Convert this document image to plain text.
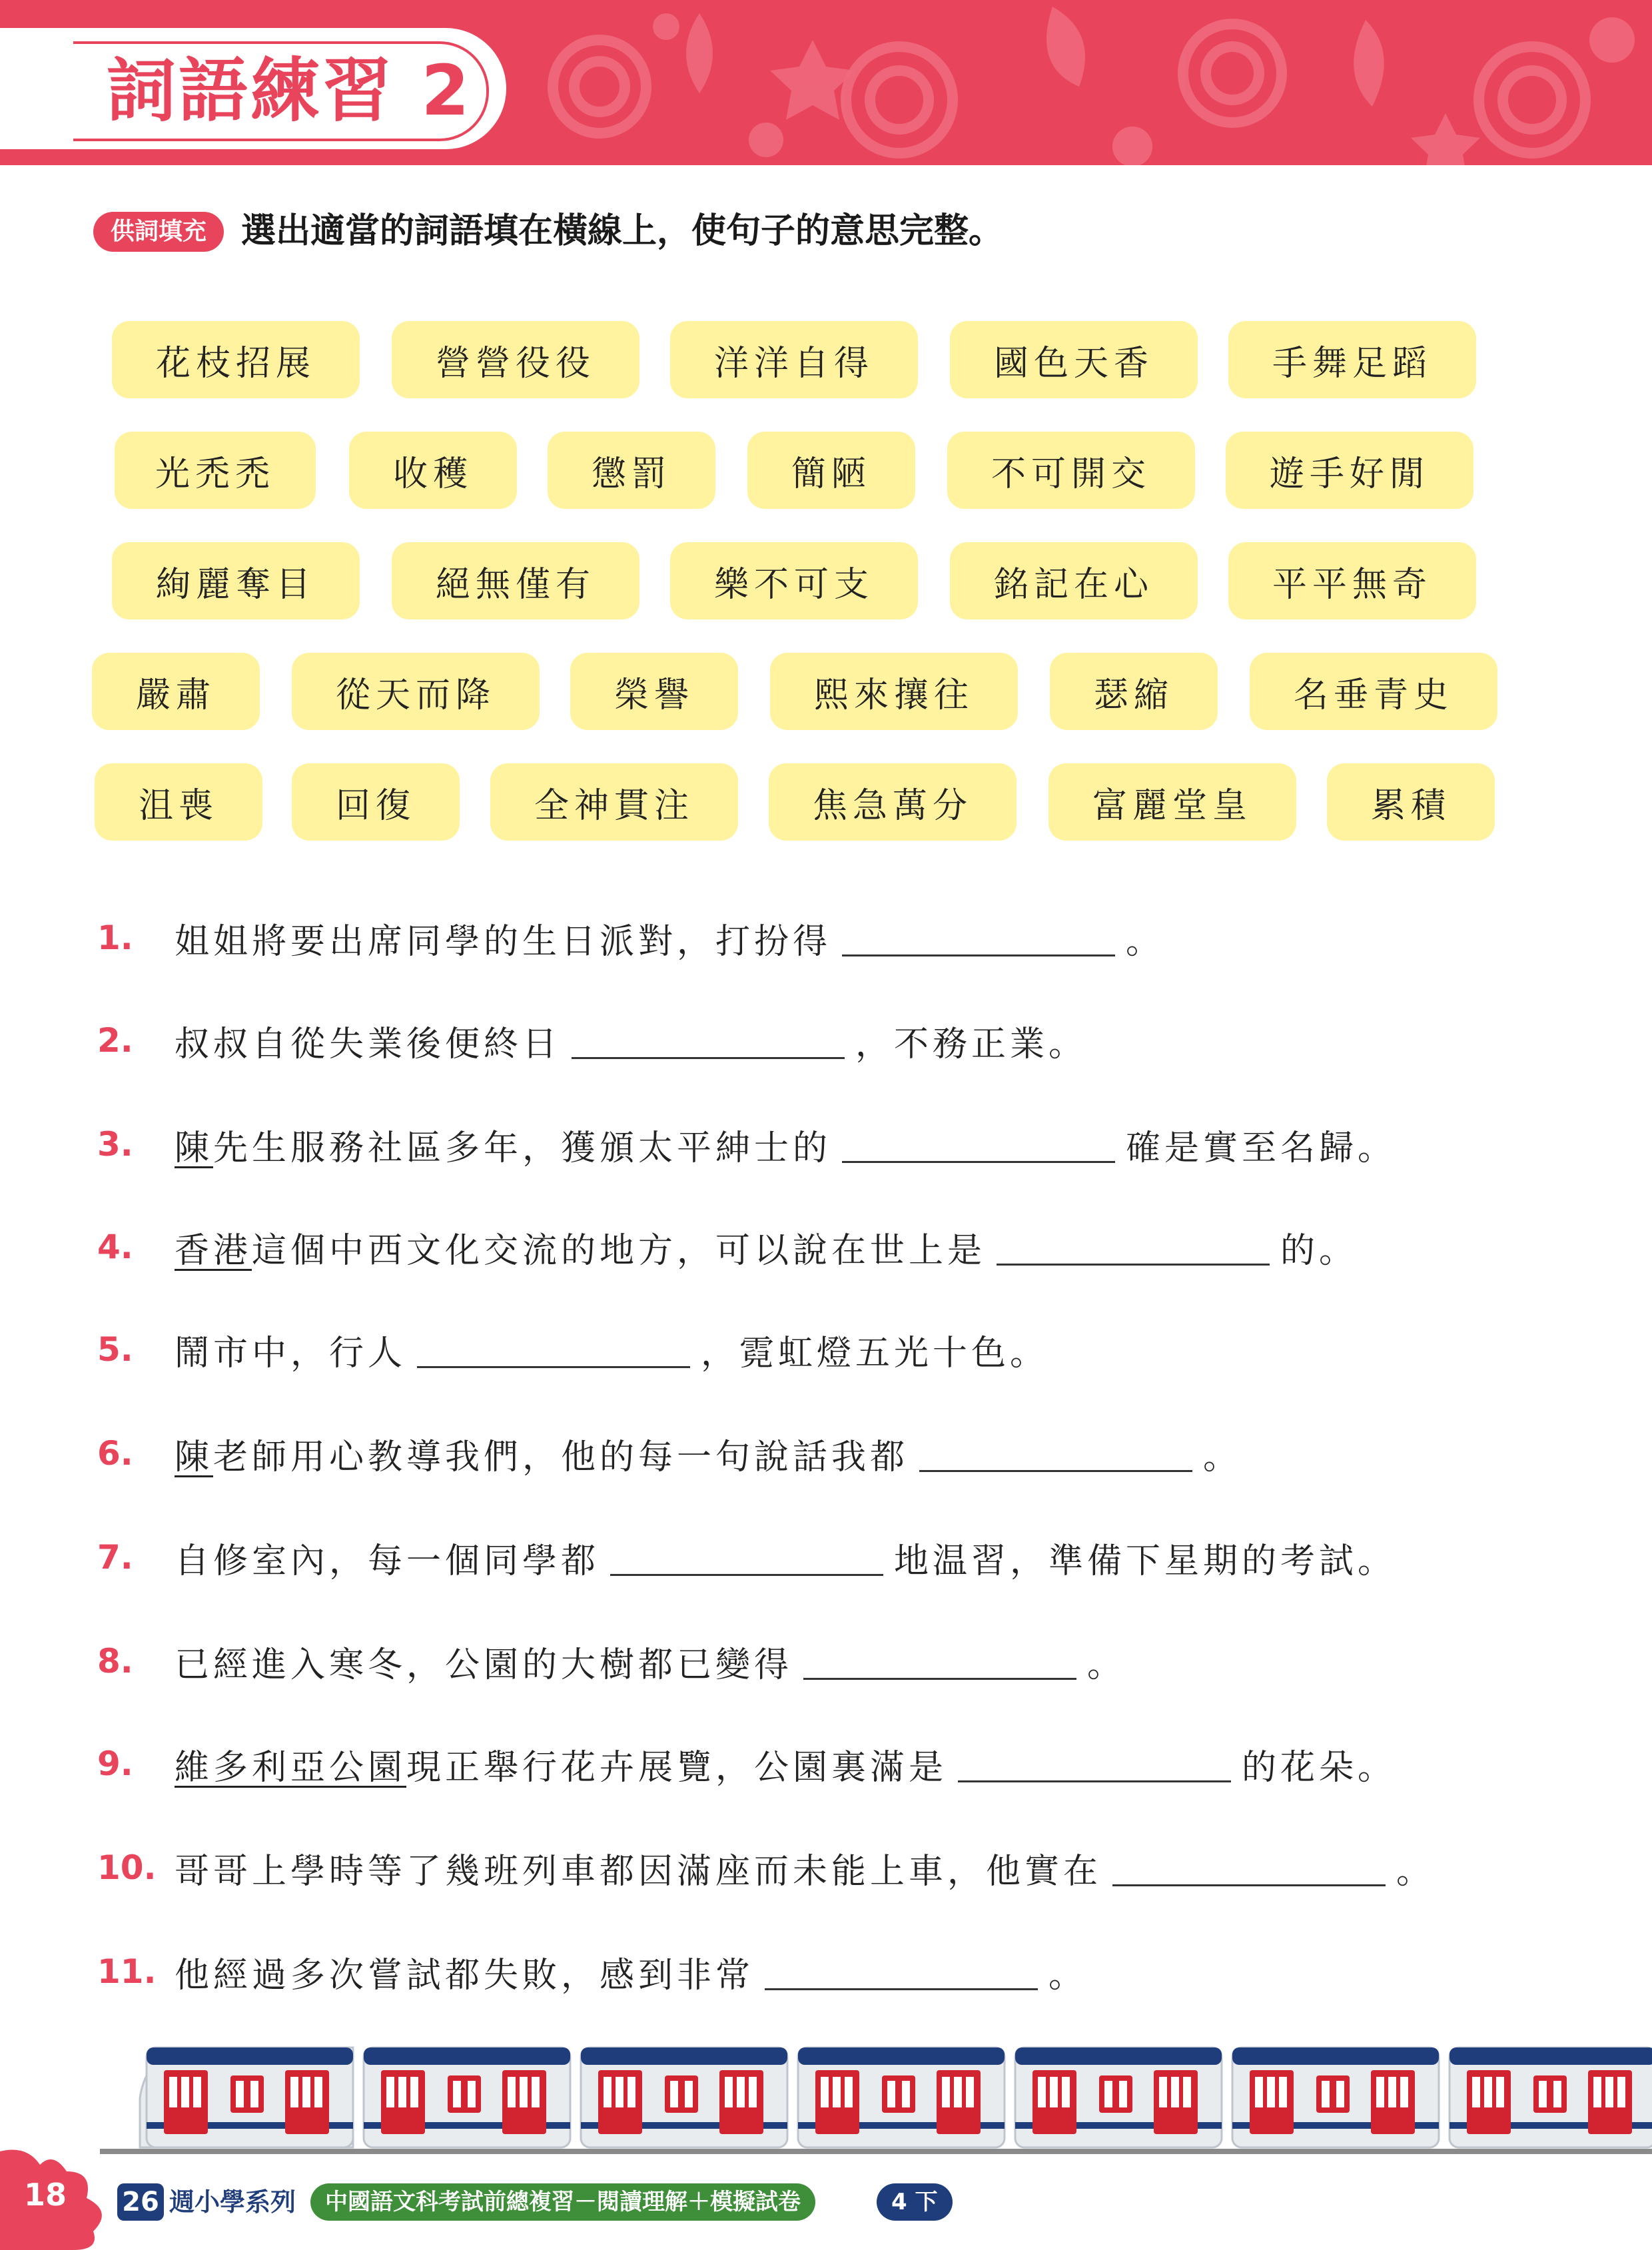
詞語練習 2
供詞填充	選出適當的詞語填在橫線上，使句子的意思完整。
花枝招展	營營役役	洋洋自得	國色天香	手舞足蹈
光禿禿	收穫	懲罰	簡陋	不可開交	遊手好閒
絢麗奪目	絕無僅有	樂不可支	銘記在心	平平無奇
嚴肅	從天而降	榮譽	熙來攘往	瑟縮	名垂青史
沮喪	回復	全神貫注	焦急萬分	富麗堂皇	累積
1.	姐姐將要出席同學的生日派對，打扮得	。
2.	叔叔自從失業後便終日	，不務正業。
3.	陳 先生服務社區多年，獲頒太平紳士的	確是實至名歸。
4.	香港 這個中西文化交流的地方，可以說在世上是	的。
5.	鬧市中，行人	，霓虹燈五光十色。
6.	陳 老師用心教導我們，他的每一句說話我都	。
7.	自修室內，每一個同學都	地温習，準備下星期的考試。
8.	已經進入寒冬，公園的大樹都已變得	。
9.	維多利亞公園 現正舉行花卉展覽，公園裏滿是	的花朵。
10. 哥哥上學時等了幾班列車都因滿座而未能上車，他實在	。
11. 他經過多次嘗試都失敗，感到非常	。
18 26 週小學系列	中國語文科考試前總複習－閱讀理解＋模擬試卷	4 下
